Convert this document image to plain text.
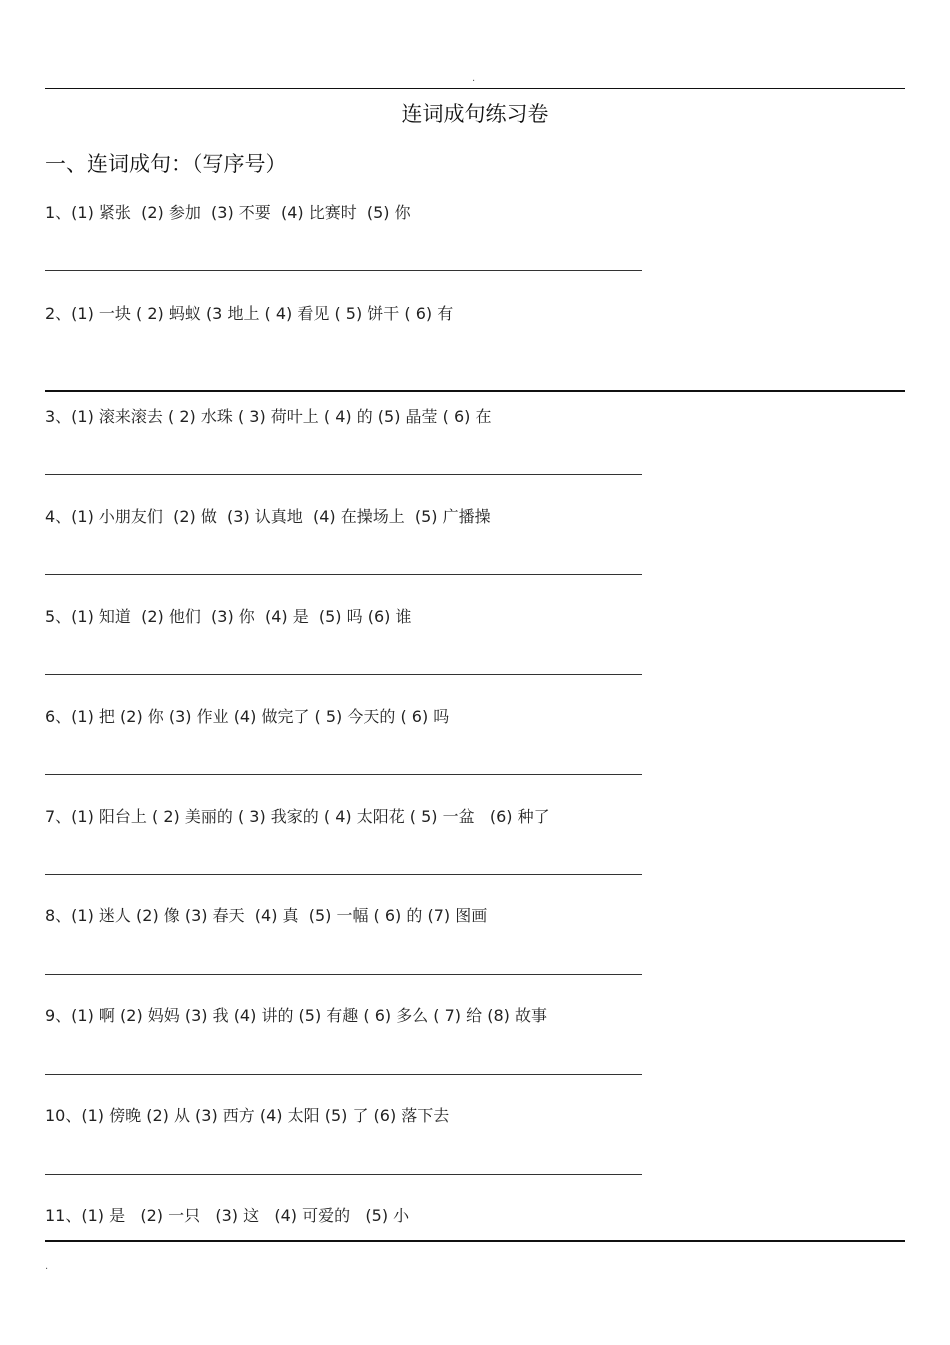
.
连词成句练习卷
一、连词成句：（写序号）
1、(1) 紧张  (2) 参加  (3) 不要  (4) 比赛时  (5) 你
2、(1) 一块 ( 2) 蚂蚁 (3 地上 ( 4) 看见 ( 5) 饼干 ( 6) 有
3、(1) 滚来滚去 ( 2) 水珠 ( 3) 荷叶上 ( 4) 的 (5) 晶莹 ( 6) 在
4、(1) 小朋友们  (2) 做  (3) 认真地  (4) 在操场上  (5) 广播操
5、(1) 知道  (2) 他们  (3) 你  (4) 是  (5) 吗 (6) 谁
6、(1) 把 (2) 你 (3) 作业 (4) 做完了 ( 5) 今天的 ( 6) 吗
7、(1) 阳台上 ( 2) 美丽的 ( 3) 我家的 ( 4) 太阳花 ( 5) 一盆   (6) 种了
8、(1) 迷人 (2) 像 (3) 春天  (4) 真  (5) 一幅 ( 6) 的 (7) 图画
9、(1) 啊 (2) 妈妈 (3) 我 (4) 讲的 (5) 有趣 ( 6) 多么 ( 7) 给 (8) 故事
10、(1) 傍晚 (2) 从 (3) 西方 (4) 太阳 (5) 了 (6) 落下去
11、(1) 是   (2) 一只   (3) 这   (4) 可爱的   (5) 小
.
